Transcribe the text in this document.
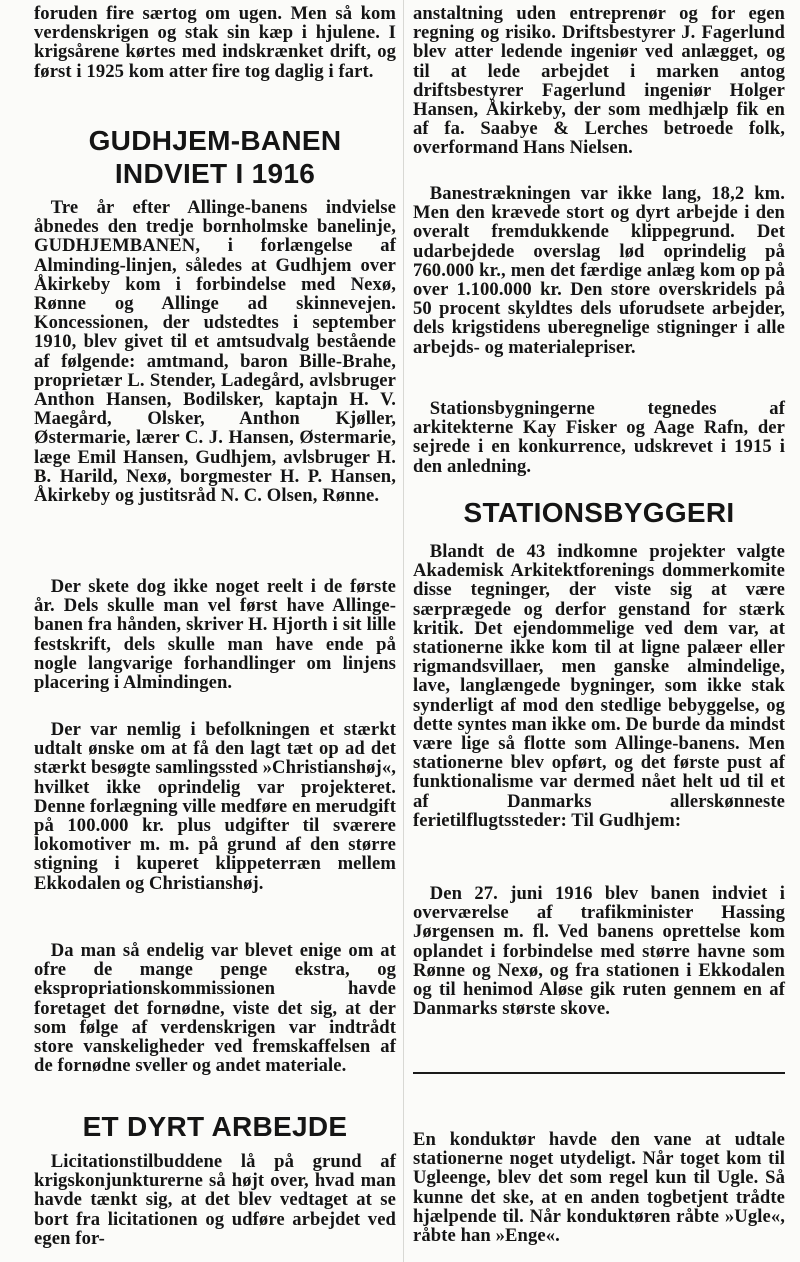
foruden fire særtog om ugen. Men så kom verdenskrigen og stak sin kæp i hjulene. I krigsårene kørtes med indskrænket drift, og først i 1925 kom atter fire tog daglig i fart.

GUDHJEM-BANEN
INDVIET I 1916

Tre år efter Allinge-banens indvielse åbnedes den tredje bornholmske banelinje, GUDHJEMBANEN, i forlængelse af Alminding-linjen, således at Gudhjem over Åkirkeby kom i forbindelse med Nexø, Rønne og Allinge ad skinnevejen. Koncessionen, der udstedtes i september 1910, blev givet til et amtsudvalg bestående af følgende: amtmand, baron Bille-Brahe, proprietær L. Stender, Ladegård, avlsbruger Anthon Hansen, Bodilsker, kaptajn H. V. Maegård, Olsker, Anthon Kjøller, Østermarie, lærer C. J. Hansen, Østermarie, læge Emil Hansen, Gudhjem, avlsbruger H. B. Harild, Nexø, borgmester H. P. Hansen, Åkirkeby og justitsråd N. C. Olsen, Rønne.

Der skete dog ikke noget reelt i de første år. Dels skulle man vel først have Allinge-banen fra hånden, skriver H. Hjorth i sit lille festskrift, dels skulle man have ende på nogle langvarige forhandlinger om linjens placering i Almindingen.

Der var nemlig i befolkningen et stærkt udtalt ønske om at få den lagt tæt op ad det stærkt besøgte samlingssted »Christianshøj«, hvilket ikke oprindelig var projekteret. Denne forlægning ville medføre en merudgift på 100.000 kr. plus udgifter til sværere lokomotiver m. m. på grund af den større stigning i kuperet klippeterræn mellem Ekkodalen og Christianshøj.

Da man så endelig var blevet enige om at ofre de mange penge ekstra, og ekspropriationskommissionen havde foretaget det fornødne, viste det sig, at der som følge af verdenskrigen var indtrådt store vanskeligheder ved fremskaffelsen af de fornødne sveller og andet materiale.

ET DYRT ARBEJDE

Licitationstilbuddene lå på grund af krigskonjunkturerne så højt over, hvad man havde tænkt sig, at det blev vedtaget at se bort fra licitationen og udføre arbejdet ved egen for-

anstaltning uden entreprenør og for egen regning og risiko. Driftsbestyrer J. Fagerlund blev atter ledende ingeniør ved anlægget, og til at lede arbejdet i marken antog driftsbestyrer Fagerlund ingeniør Holger Hansen, Åkirkeby, der som medhjælp fik en af fa. Saabye & Lerches betroede folk, overformand Hans Nielsen.

Banestrækningen var ikke lang, 18,2 km. Men den krævede stort og dyrt arbejde i den overalt fremdukkende klippegrund. Det udarbejdede overslag lød oprindelig på 760.000 kr., men det færdige anlæg kom op på over 1.100.000 kr. Den store overskridels på 50 procent skyldtes dels uforudsete arbejder, dels krigstidens uberegnelige stigninger i alle arbejds- og materialepriser.

Stationsbygningerne tegnedes af arkitekterne Kay Fisker og Aage Rafn, der sejrede i en konkurrence, udskrevet i 1915 i den anledning.

STATIONSBYGGERI

Blandt de 43 indkomne projekter valgte Akademisk Arkitektforenings dommerkomite disse tegninger, der viste sig at være særprægede og derfor genstand for stærk kritik. Det ejendommelige ved dem var, at stationerne ikke kom til at ligne palæer eller rigmandsvillaer, men ganske almindelige, lave, langlængede bygninger, som ikke stak synderligt af mod den stedlige bebyggelse, og dette syntes man ikke om. De burde da mindst være lige så flotte som Allinge-banens. Men stationerne blev opført, og det første pust af funktionalisme var dermed nået helt ud til et af Danmarks allerskønneste ferietilflugtssteder: Til Gudhjem:

Den 27. juni 1916 blev banen indviet i overværelse af trafikminister Hassing Jørgensen m. fl. Ved banens oprettelse kom oplandet i forbindelse med større havne som Rønne og Nexø, og fra stationen i Ekkodalen og til henimod Aløse gik ruten gennem en af Danmarks største skove.

En konduktør havde den vane at udtale stationerne noget utydeligt. Når toget kom til Ugleenge, blev det som regel kun til Ugle. Så kunne det ske, at en anden togbetjent trådte hjælpende til. Når konduktøren råbte »Ugle«, råbte han »Enge«.
